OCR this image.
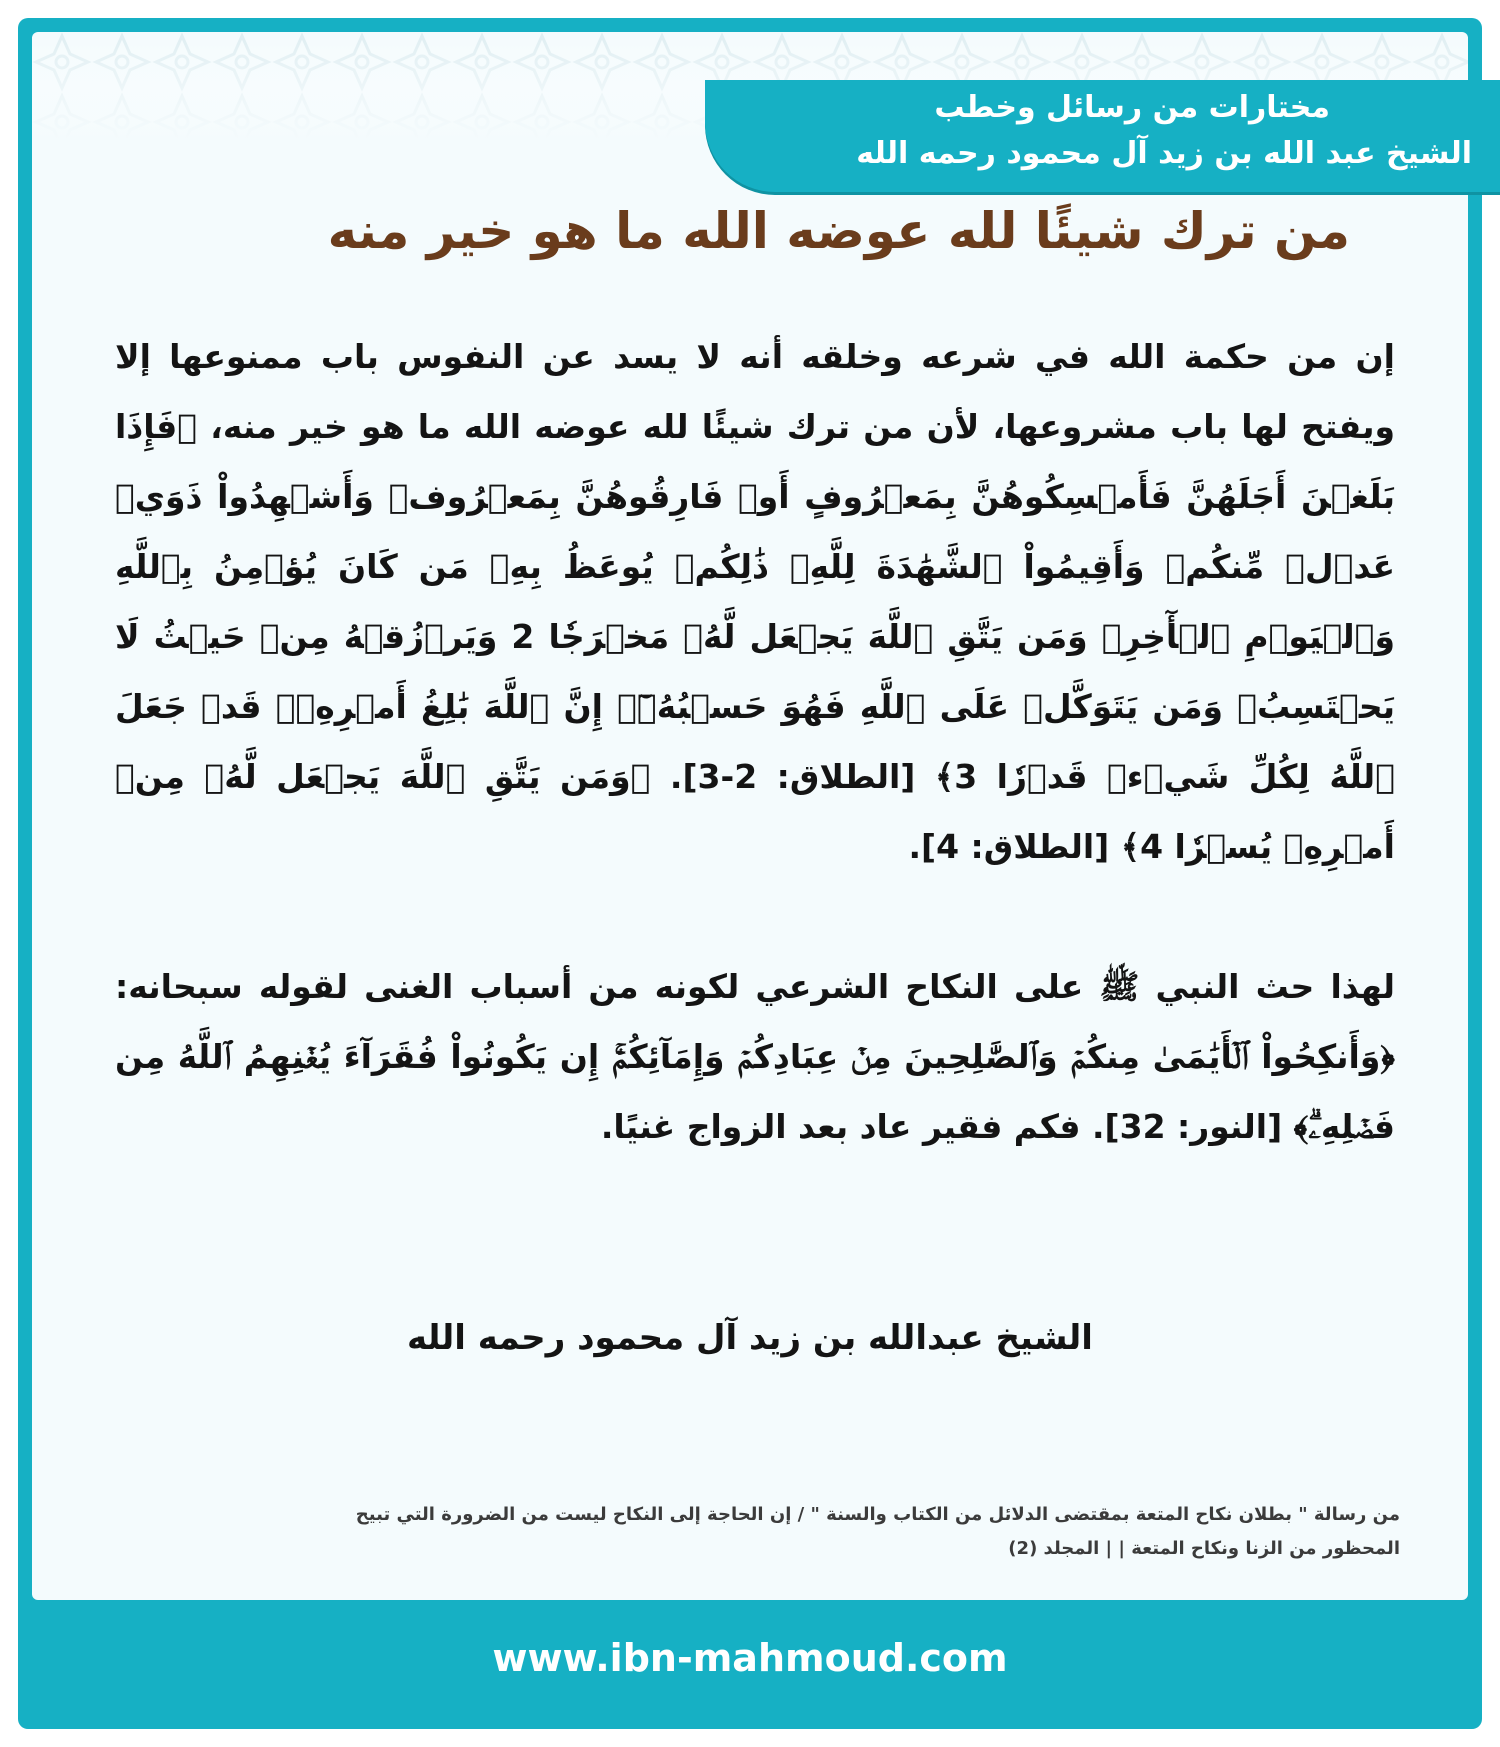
مختارات من رسائل وخطب
الشيخ عبد الله بن زيد آل محمود رحمه الله
من ترك شيئًا لله عوضه الله ما هو خير منه
إن من حكمة الله في شرعه وخلقه أنه لا يسد عن النفوس باب ممنوعها إلا ويفتح لها باب مشروعها، لأن من ترك شيئًا لله عوضه الله ما هو خير منه، ﴿فَإِذَا بَلَغۡنَ أَجَلَهُنَّ فَأَمۡسِكُوهُنَّ بِمَعۡرُوفٍ أَوۡ فَارِقُوهُنَّ بِمَعۡرُوفٖ وَأَشۡهِدُواْ ذَوَيۡ عَدۡلٖ مِّنكُمۡ وَأَقِيمُواْ ٱلشَّهَٰدَةَ لِلَّهِۚ ذَٰلِكُمۡ يُوعَظُ بِهِۦ مَن كَانَ يُؤۡمِنُ بِٱللَّهِ وَٱلۡيَوۡمِ ٱلۡأٓخِرِۚ وَمَن يَتَّقِ ٱللَّهَ يَجۡعَل لَّهُۥ مَخۡرَجٗا 2 وَيَرۡزُقۡهُ مِنۡ حَيۡثُ لَا يَحۡتَسِبُۚ وَمَن يَتَوَكَّلۡ عَلَى ٱللَّهِ فَهُوَ حَسۡبُهُۥٓۚ إِنَّ ٱللَّهَ بَٰلِغُ أَمۡرِهِۦۚ قَدۡ جَعَلَ ٱللَّهُ لِكُلِّ شَيۡءٖ قَدۡرٗا 3﴾ [الطلاق: 2-3]. ﴿وَمَن يَتَّقِ ٱللَّهَ يَجۡعَل لَّهُۥ مِنۡ أَمۡرِهِۦ يُسۡرٗا 4﴾ [الطلاق: 4].
لهذا حث النبي ﷺ على النكاح الشرعي لكونه من أسباب الغنى لقوله سبحانه: ﴿وَأَنكِحُواْ ٱلۡأَيَٰمَىٰ مِنكُمۡ وَٱلصَّٰلِحِينَ مِنۡ عِبَادِكُمۡ وَإِمَآئِكُمۡۚ إِن يَكُونُواْ فُقَرَآءَ يُغۡنِهِمُ ٱللَّهُ مِن فَضۡلِهِۦۗ﴾ [النور: 32]. فكم فقير عاد بعد الزواج غنيًا.
الشيخ عبدالله بن زيد آل محمود رحمه الله
من رسالة " بطلان نكاح المتعة بمقتضى الدلائل من الكتاب والسنة " / إن الحاجة إلى النكاح ليست من الضرورة التي تبيح
المحظور من الزنا ونكاح المتعة | | المجلد (2)
www.ibn-mahmoud.com
